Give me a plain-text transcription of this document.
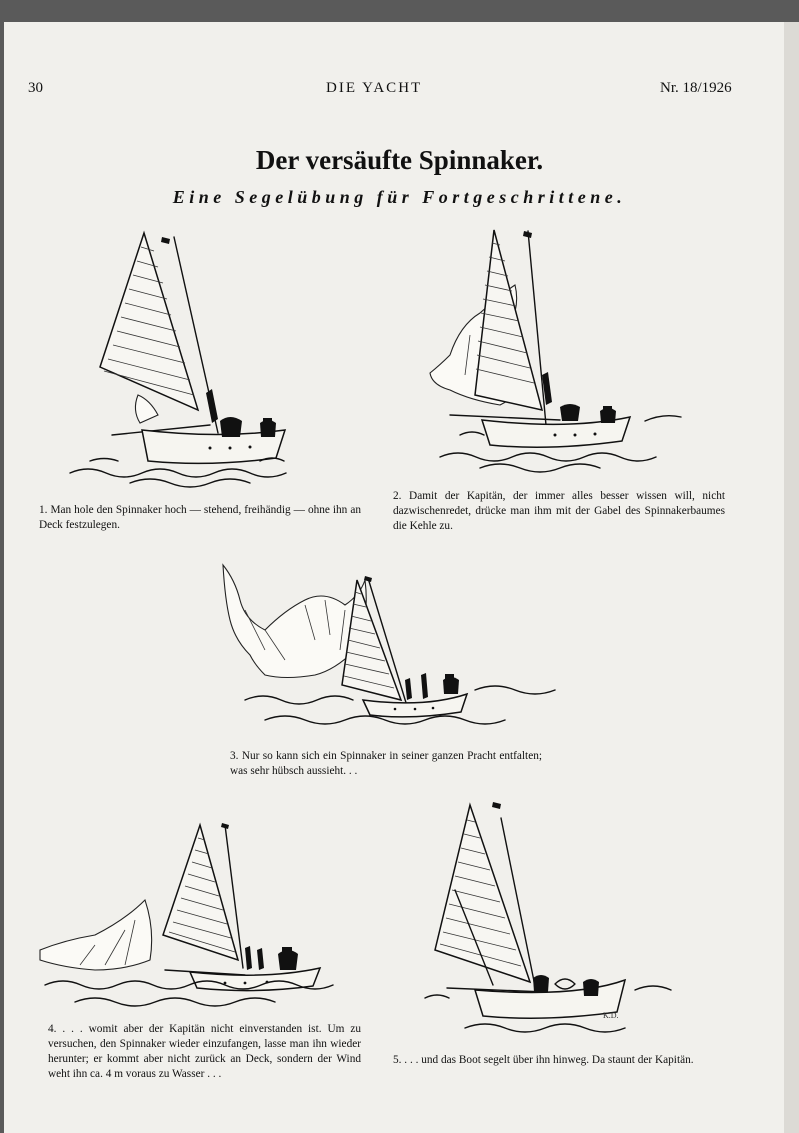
30	DIE YACHT	Nr. 18/1926
Der versäufte Spinnaker.
Eine Segelübung für Fortgeschrittene.
1. Man hole den Spinnaker hoch — stehend, freihändig — ohne ihn an Deck festzulegen.
2. Damit der Kapitän, der immer alles besser wissen will, nicht dazwischenredet, drücke man ihm mit der Gabel des Spinnakerbaumes die Kehle zu.
3. Nur so kann sich ein Spinnaker in seiner ganzen Pracht entfalten; was sehr hübsch aussieht. . .
4. . . . womit aber der Kapitän nicht einverstanden ist. Um zu versuchen, den Spinnaker wieder einzufangen, lasse man ihn wieder herunter; er kommt aber nicht zurück an Deck, sondern der Wind weht ihn ca. 4 m voraus zu Wasser . . .
K.D.
5. . . . und das Boot segelt über ihn hinweg. Da staunt der Kapitän.
